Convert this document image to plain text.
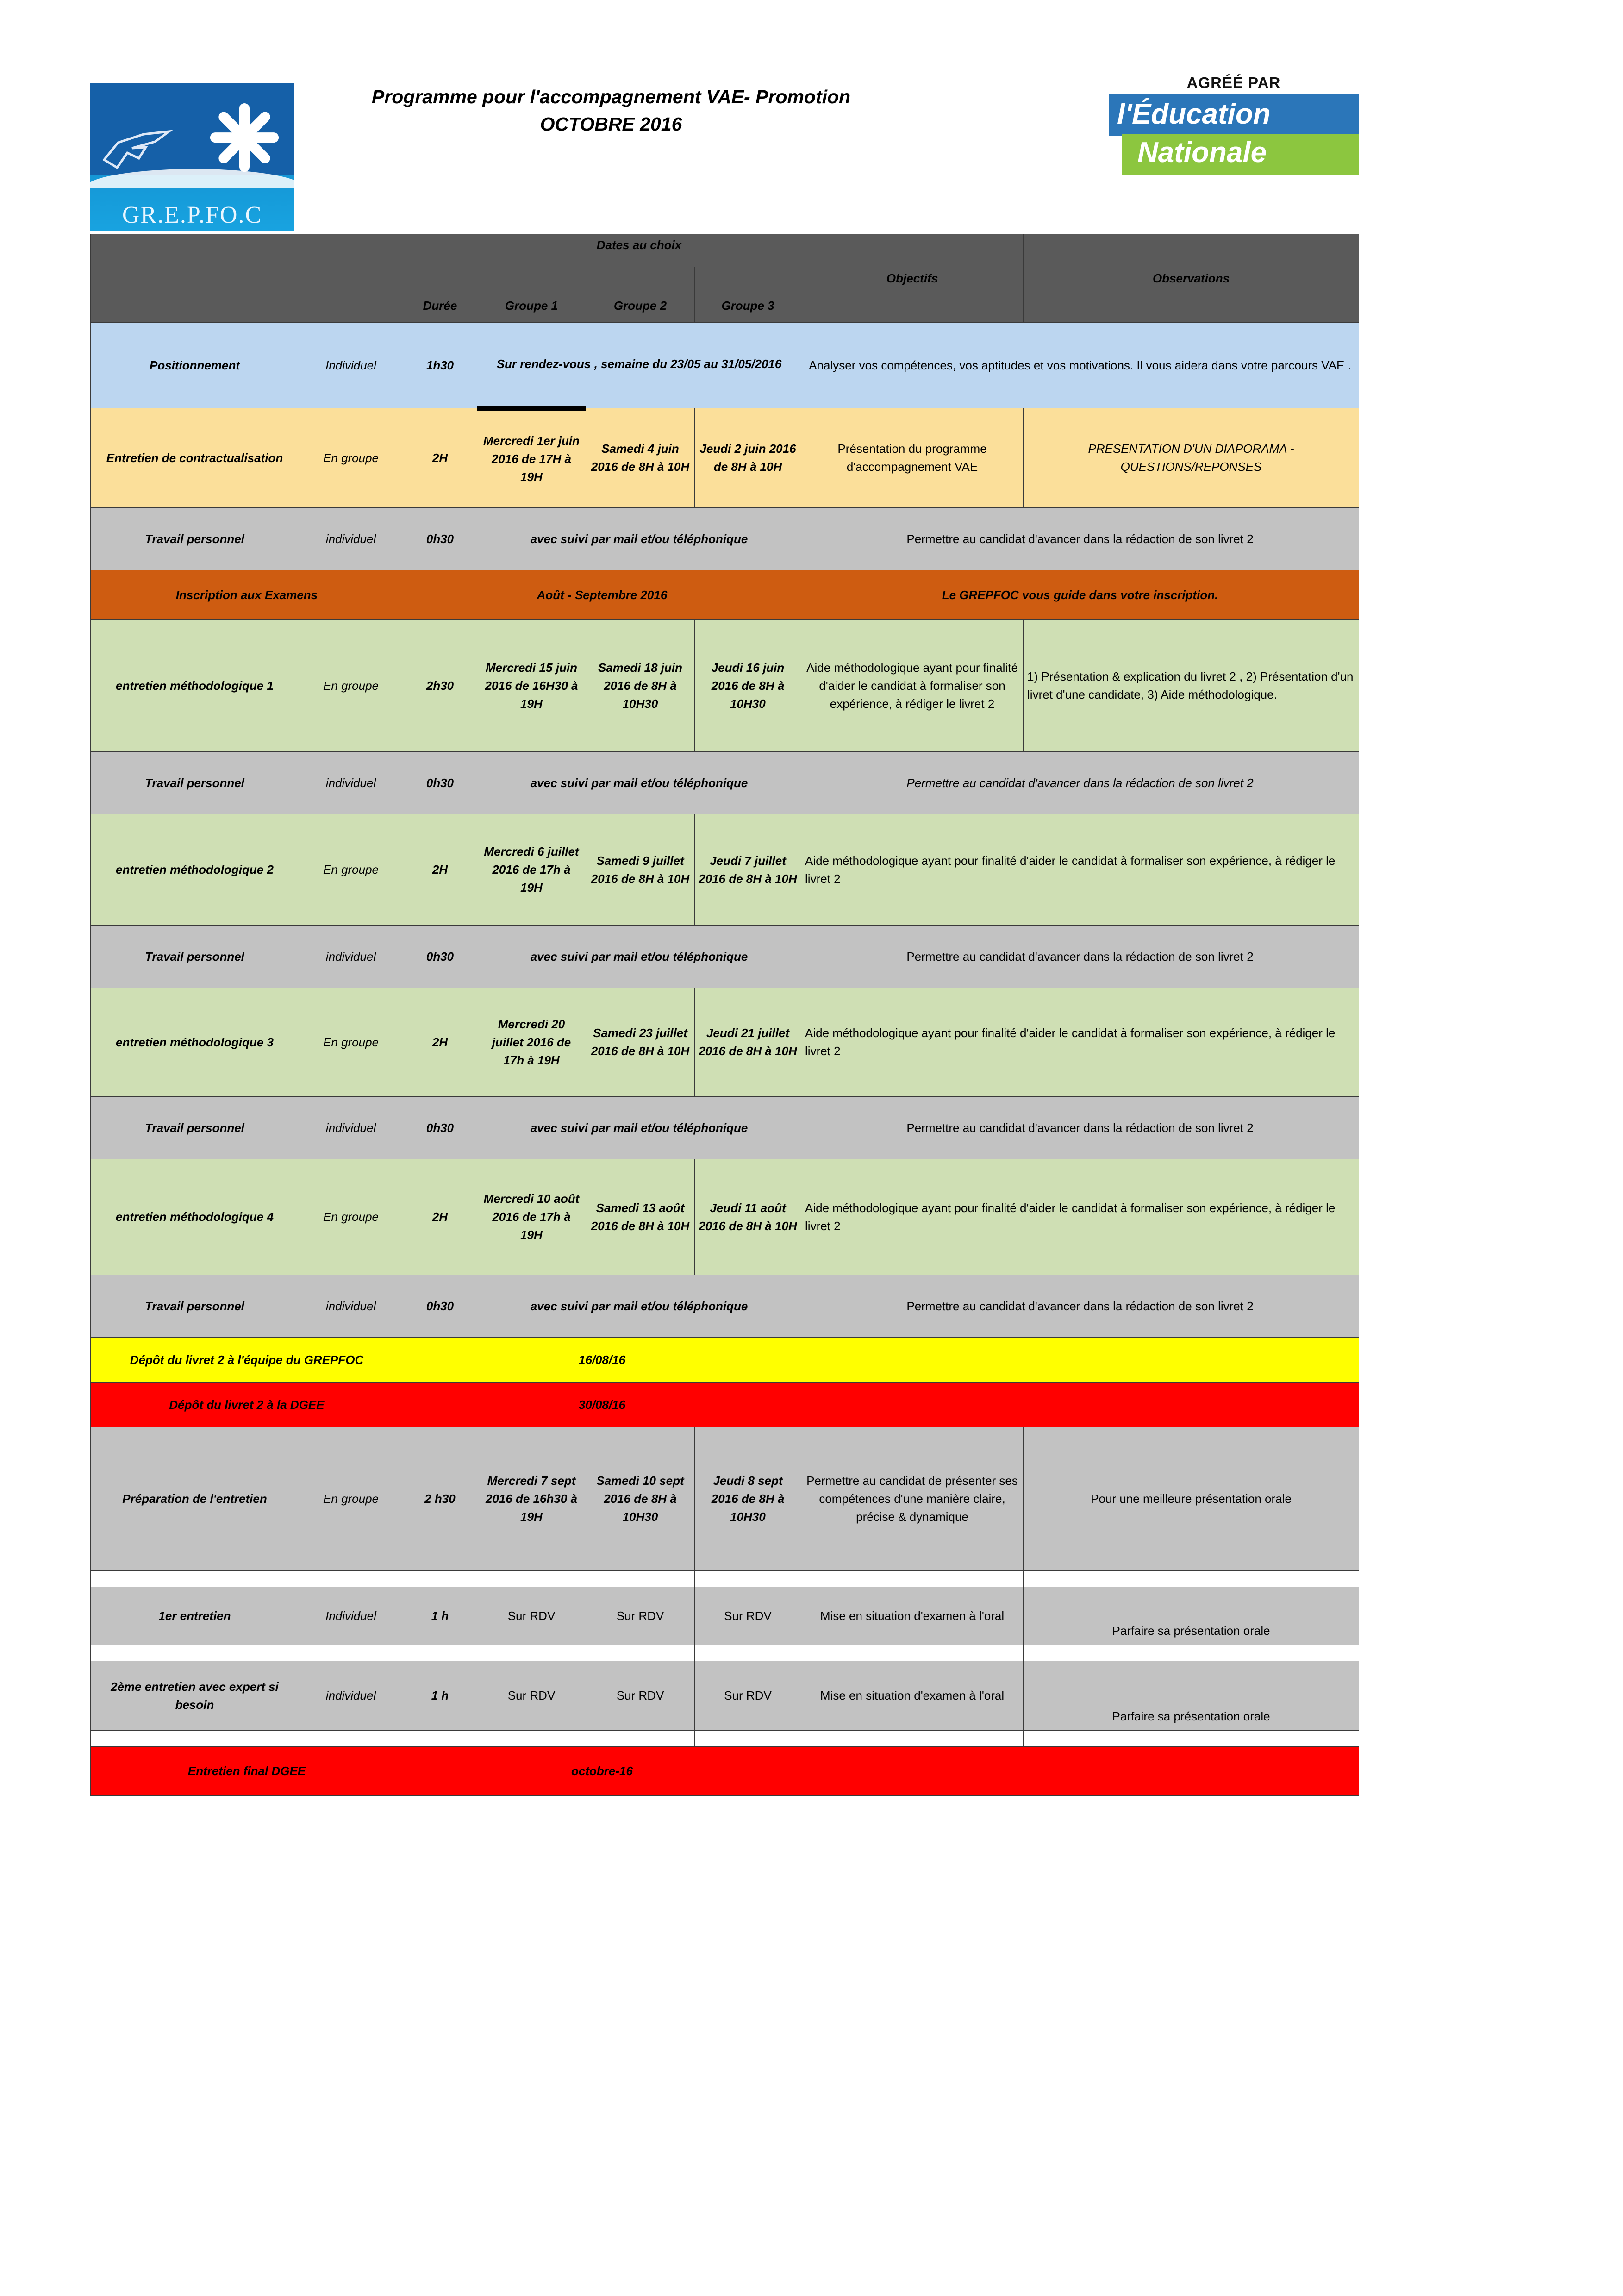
GR.E.P.FO.C
Programme pour l'accompagnement VAE- Promotion
OCTOBRE 2016
AGRÉÉ PAR
l'Éducation
Nationale
		Durée	Dates au choix			Objectifs	Observations
			Groupe 1	Groupe 2	Groupe 3		
Positionnement	Individuel	1h30	Sur rendez-vous , semaine du 23/05 au 31/05/2016			Analyser vos compétences, vos aptitudes et vos motivations. Il vous aidera dans votre parcours VAE .	
Entretien de contractualisation	En groupe	2H	Mercredi 1er juin 2016 de 17H à 19H	Samedi 4 juin 2016 de 8H à 10H	Jeudi 2 juin 2016 de 8H à 10H	Présentation du programme d'accompagnement VAE	PRESENTATION D'UN DIAPORAMA - QUESTIONS/REPONSES
Travail personnel	individuel	0h30	avec suivi par mail et/ou téléphonique			Permettre au candidat d'avancer dans la rédaction de son livret 2	
Inscription aux Examens		Août - Septembre 2016				Le GREPFOC vous guide dans votre inscription.	
entretien méthodologique 1	En groupe	2h30	Mercredi 15 juin 2016 de 16H30 à 19H	Samedi 18 juin 2016 de 8H à 10H30	Jeudi 16 juin 2016 de 8H à 10H30	Aide méthodologique ayant pour finalité d'aider le candidat à formaliser son expérience, à rédiger le livret 2	1) Présentation & explication du livret 2 , 2) Présentation d'un livret d'une candidate, 3) Aide méthodologique.
Travail personnel	individuel	0h30	avec suivi par mail et/ou téléphonique			Permettre au candidat d'avancer dans la rédaction de son livret 2	
entretien méthodologique 2	En groupe	2H	Mercredi 6 juillet 2016 de 17h à 19H	Samedi 9 juillet 2016 de 8H à 10H	Jeudi 7 juillet 2016 de 8H à 10H	Aide méthodologique ayant pour finalité d'aider le candidat à formaliser son expérience, à rédiger le livret 2	
Travail personnel	individuel	0h30	avec suivi par mail et/ou téléphonique			Permettre au candidat d'avancer dans la rédaction de son livret 2	
entretien méthodologique 3	En groupe	2H	Mercredi 20 juillet 2016 de 17h à 19H	Samedi 23 juillet 2016 de 8H à 10H	Jeudi 21 juillet 2016 de 8H à 10H	Aide méthodologique ayant pour finalité d'aider le candidat à formaliser son expérience, à rédiger le livret 2	
Travail personnel	individuel	0h30	avec suivi par mail et/ou téléphonique			Permettre au candidat d'avancer dans la rédaction de son livret 2	
entretien méthodologique 4	En groupe	2H	Mercredi 10 août 2016 de 17h à 19H	Samedi 13 août 2016 de 8H à 10H	Jeudi 11 août 2016 de 8H à 10H	Aide méthodologique ayant pour finalité d'aider le candidat à formaliser son expérience, à rédiger le livret 2	
Travail personnel	individuel	0h30	avec suivi par mail et/ou téléphonique			Permettre au candidat d'avancer dans la rédaction de son livret 2	
Dépôt du livret 2 à l'équipe du GREPFOC		16/08/16					
Dépôt du livret 2 à la DGEE		30/08/16					
Préparation de l'entretien	En groupe	2 h30	Mercredi 7 sept 2016 de 16h30 à 19H	Samedi 10 sept 2016 de 8H à 10H30	Jeudi 8 sept 2016 de 8H à 10H30	Permettre au candidat de présenter ses compétences d'une manière claire, précise & dynamique	Pour une meilleure présentation orale

1er entretien	Individuel	1 h	Sur RDV	Sur RDV	Sur RDV	Mise en situation d'examen à l'oral	Parfaire sa présentation orale

2ème entretien avec expert si besoin	individuel	1 h	Sur RDV	Sur RDV	Sur RDV	Mise en situation d'examen à l'oral	Parfaire sa présentation orale

Entretien final DGEE		octobre-16					
